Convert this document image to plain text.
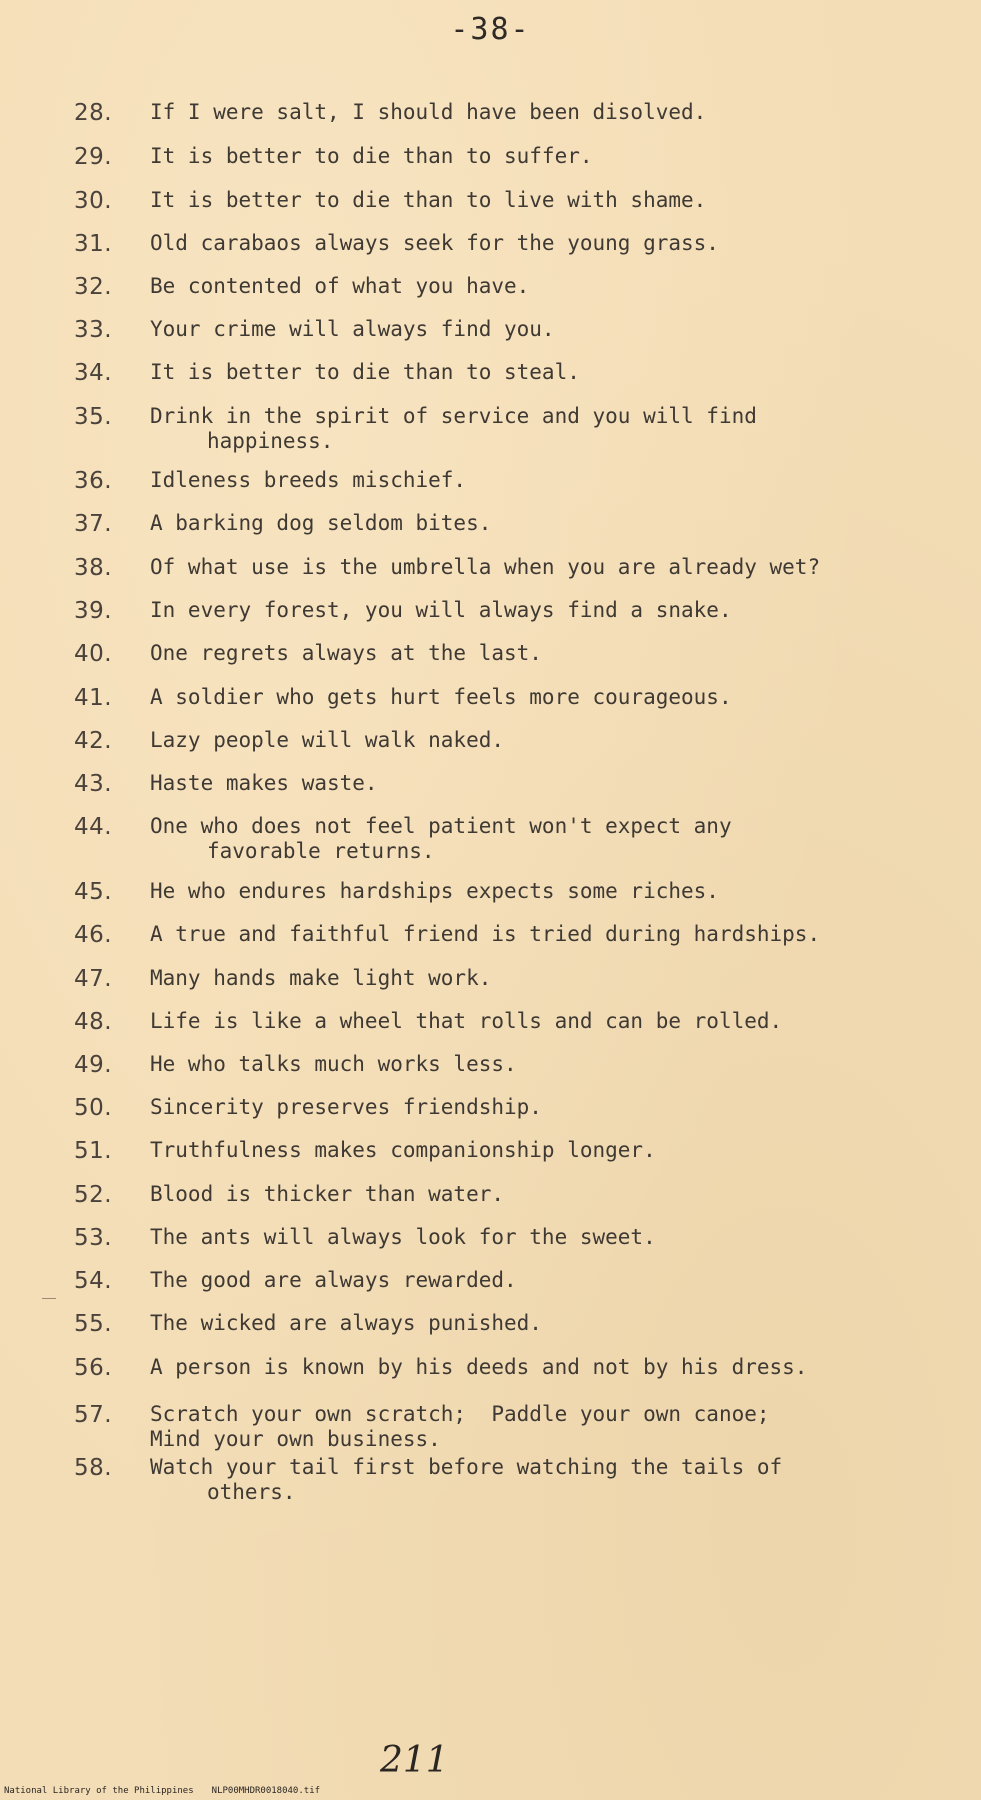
-38-
28.	If I were salt, I should have been disolved.
29.	It is better to die than to suffer.
30.	It is better to die than to live with shame.
31.	Old carabaos always seek for the young grass.
32.	Be contented of what you have.
33.	Your crime will always find you.
34.	It is better to die than to steal.
35.	Drink in the spirit of service and you will find
happiness.
36.	Idleness breeds mischief.
37.	A barking dog seldom bites.
38.	Of what use is the umbrella when you are already wet?
39.	In every forest, you will always find a snake.
40.	One regrets always at the last.
41.	A soldier who gets hurt feels more courageous.
42.	Lazy people will walk naked.
43.	Haste makes waste.
44.	One who does not feel patient won't expect any
favorable returns.
45.	He who endures hardships expects some riches.
46.	A true and faithful friend is tried during hardships.
47.	Many hands make light work.
48.	Life is like a wheel that rolls and can be rolled.
49.	He who talks much works less.
50.	Sincerity preserves friendship.
51.	Truthfulness makes companionship longer.
52.	Blood is thicker than water.
53.	The ants will always look for the sweet.
54.	The good are always rewarded.
55.	The wicked are always punished.
56.	A person is known by his deeds and not by his dress.
57.	Scratch your own scratch;  Paddle your own canoe;
Mind your own business.
58.	Watch your tail first before watching the tails of
others.
211
National Library of the Philippines NLP00MHDR0018040.tif
